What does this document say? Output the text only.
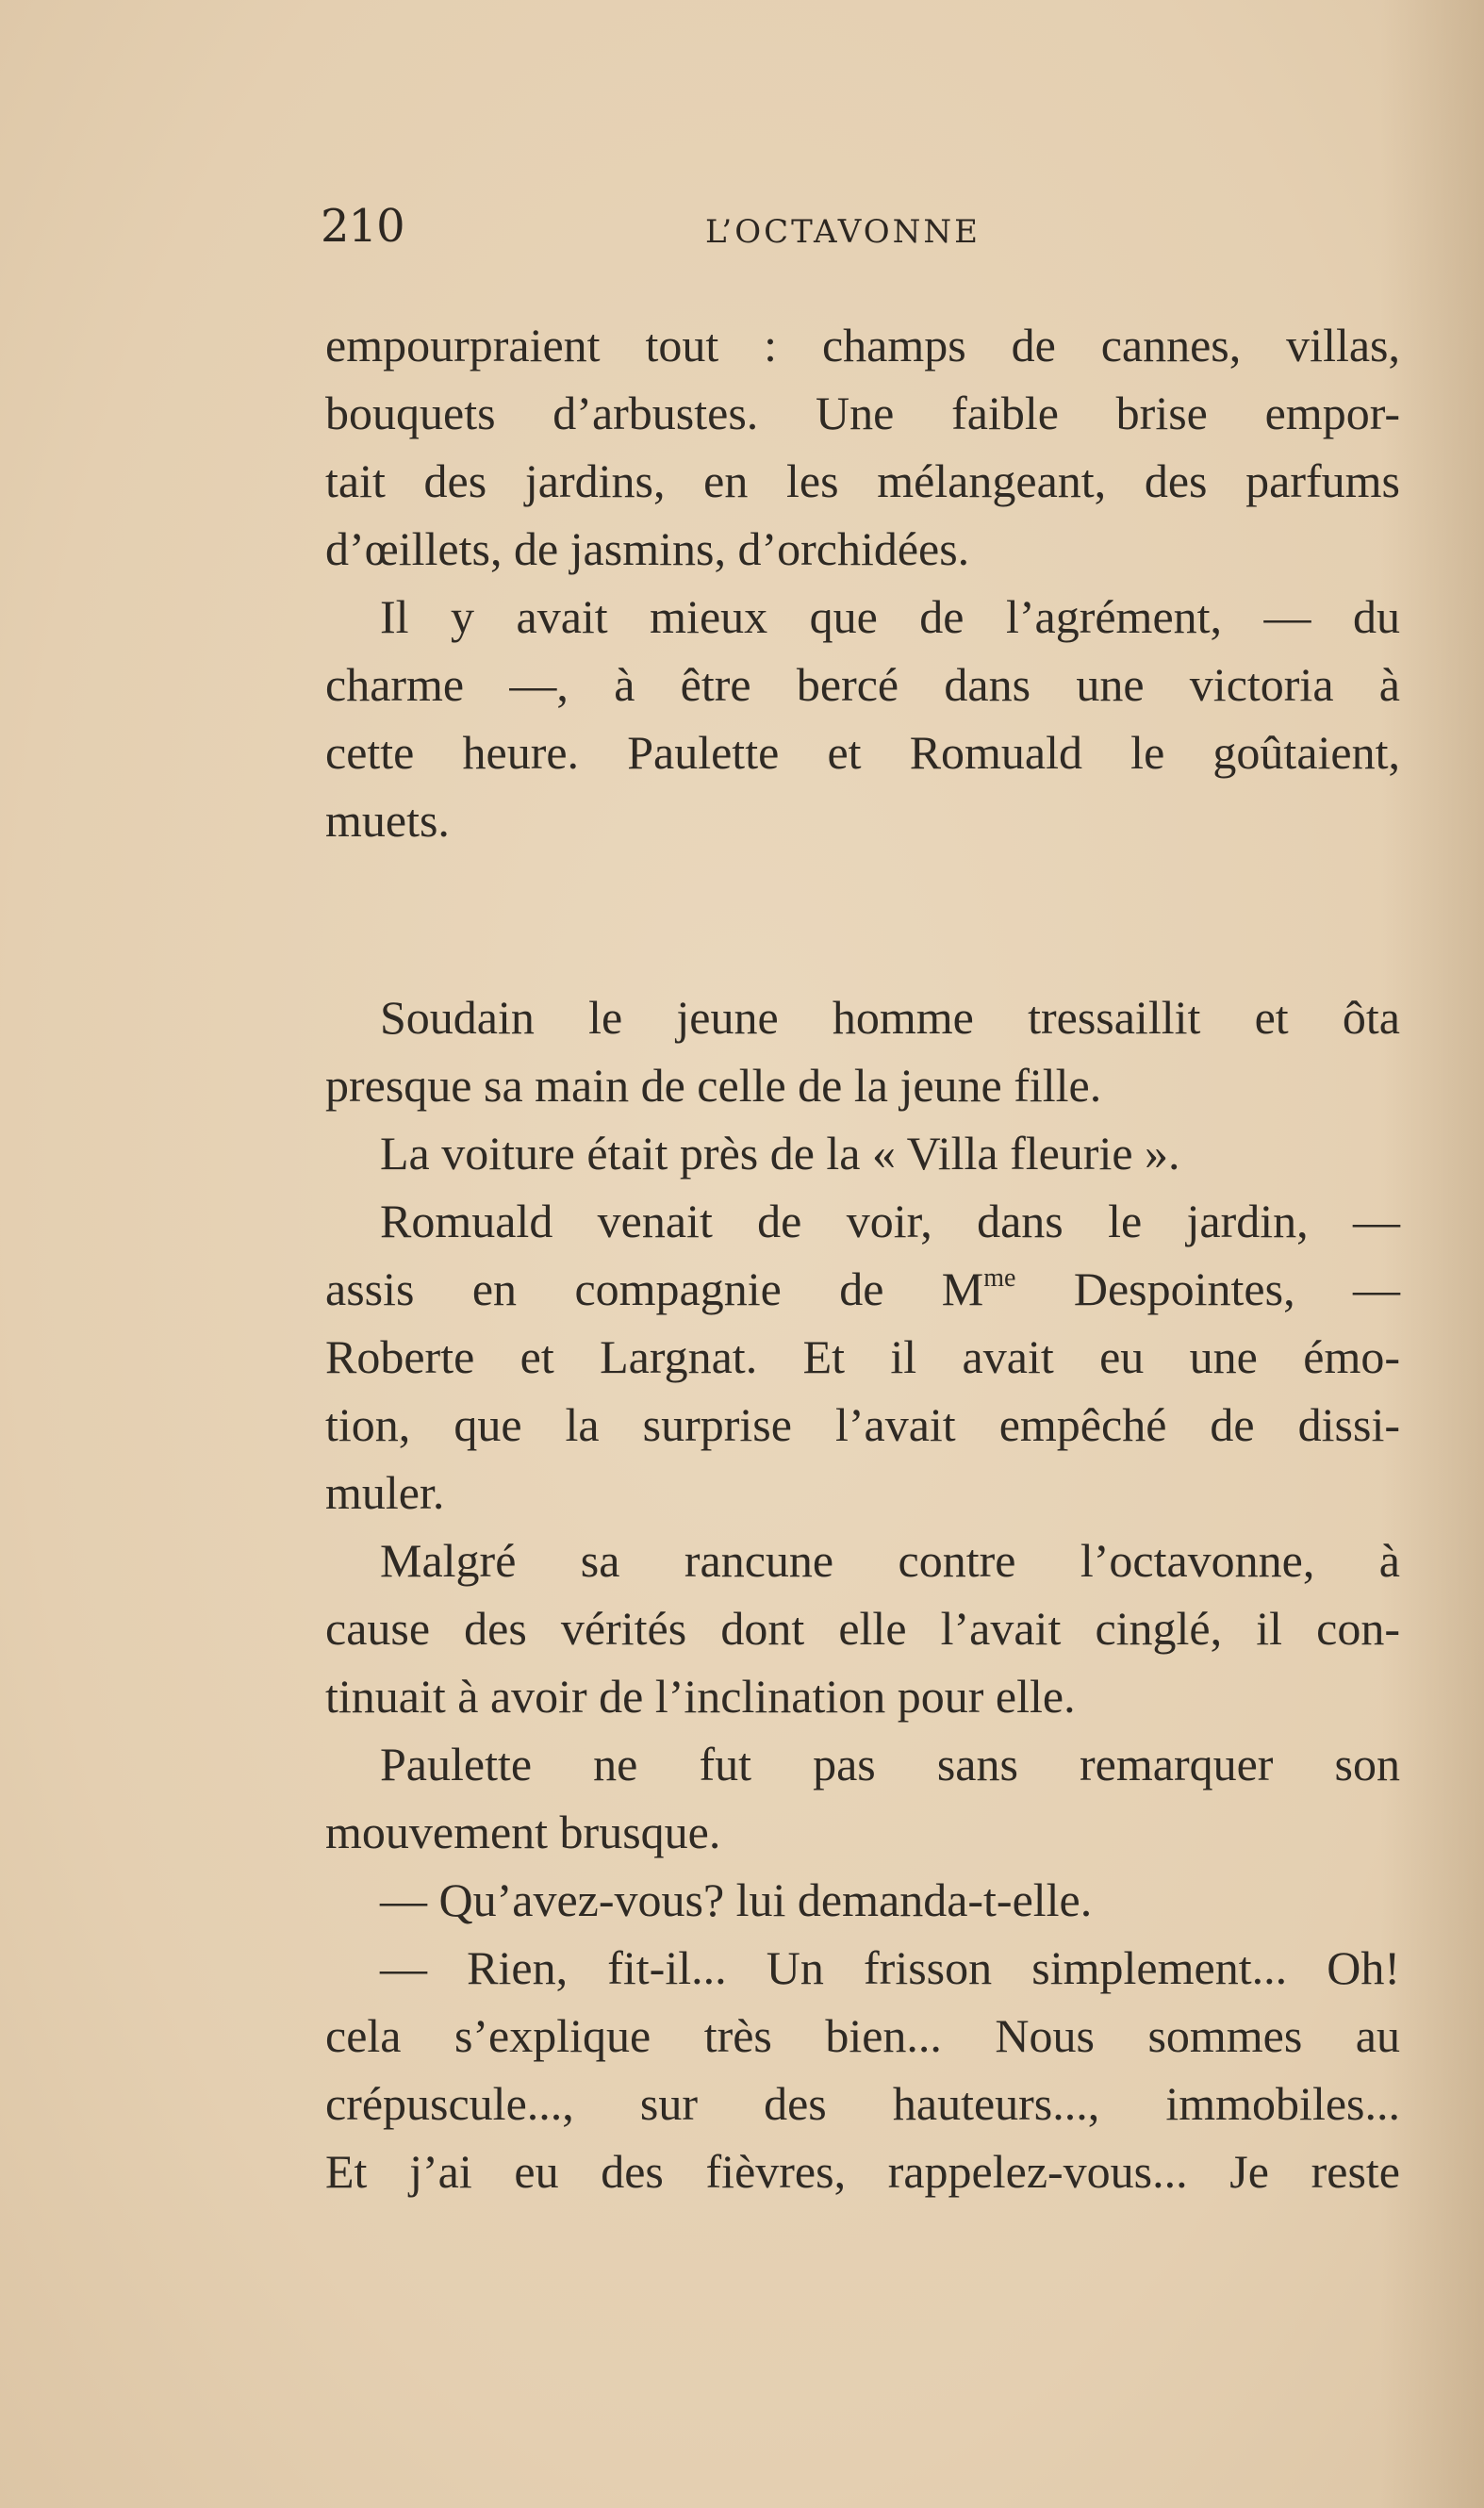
210	L’OCTAVONNE
empourpraient tout : champs de cannes, villas,
bouquets d’arbustes. Une faible brise empor-
tait des jardins, en les mélangeant, des parfums
d’œillets, de jasmins, d’orchidées.
Il y avait mieux que de l’agrément, — du
charme —, à être bercé dans une victoria à
cette heure. Paulette et Romuald le goûtaient,
muets.
Soudain le jeune homme tressaillit et ôta
presque sa main de celle de la jeune fille.
La voiture était près de la « Villa fleurie ».
Romuald venait de voir, dans le jardin, —
assis en compagnie de $M^{me}$ Despointes, —
Roberte et Largnat. Et il avait eu une émo-
tion, que la surprise l’avait empêché de dissi-
muler.
Malgré sa rancune contre l’octavonne, à
cause des vérités dont elle l’avait cinglé, il con-
tinuait à avoir de l’inclination pour elle.
Paulette ne fut pas sans remarquer son
mouvement brusque.
— Qu’avez-vous? lui demanda-t-elle.
— Rien, fit-il... Un frisson simplement... Oh!
cela s’explique très bien... Nous sommes au
crépuscule..., sur des hauteurs..., immobiles...
Et j’ai eu des fièvres, rappelez-vous... Je reste
